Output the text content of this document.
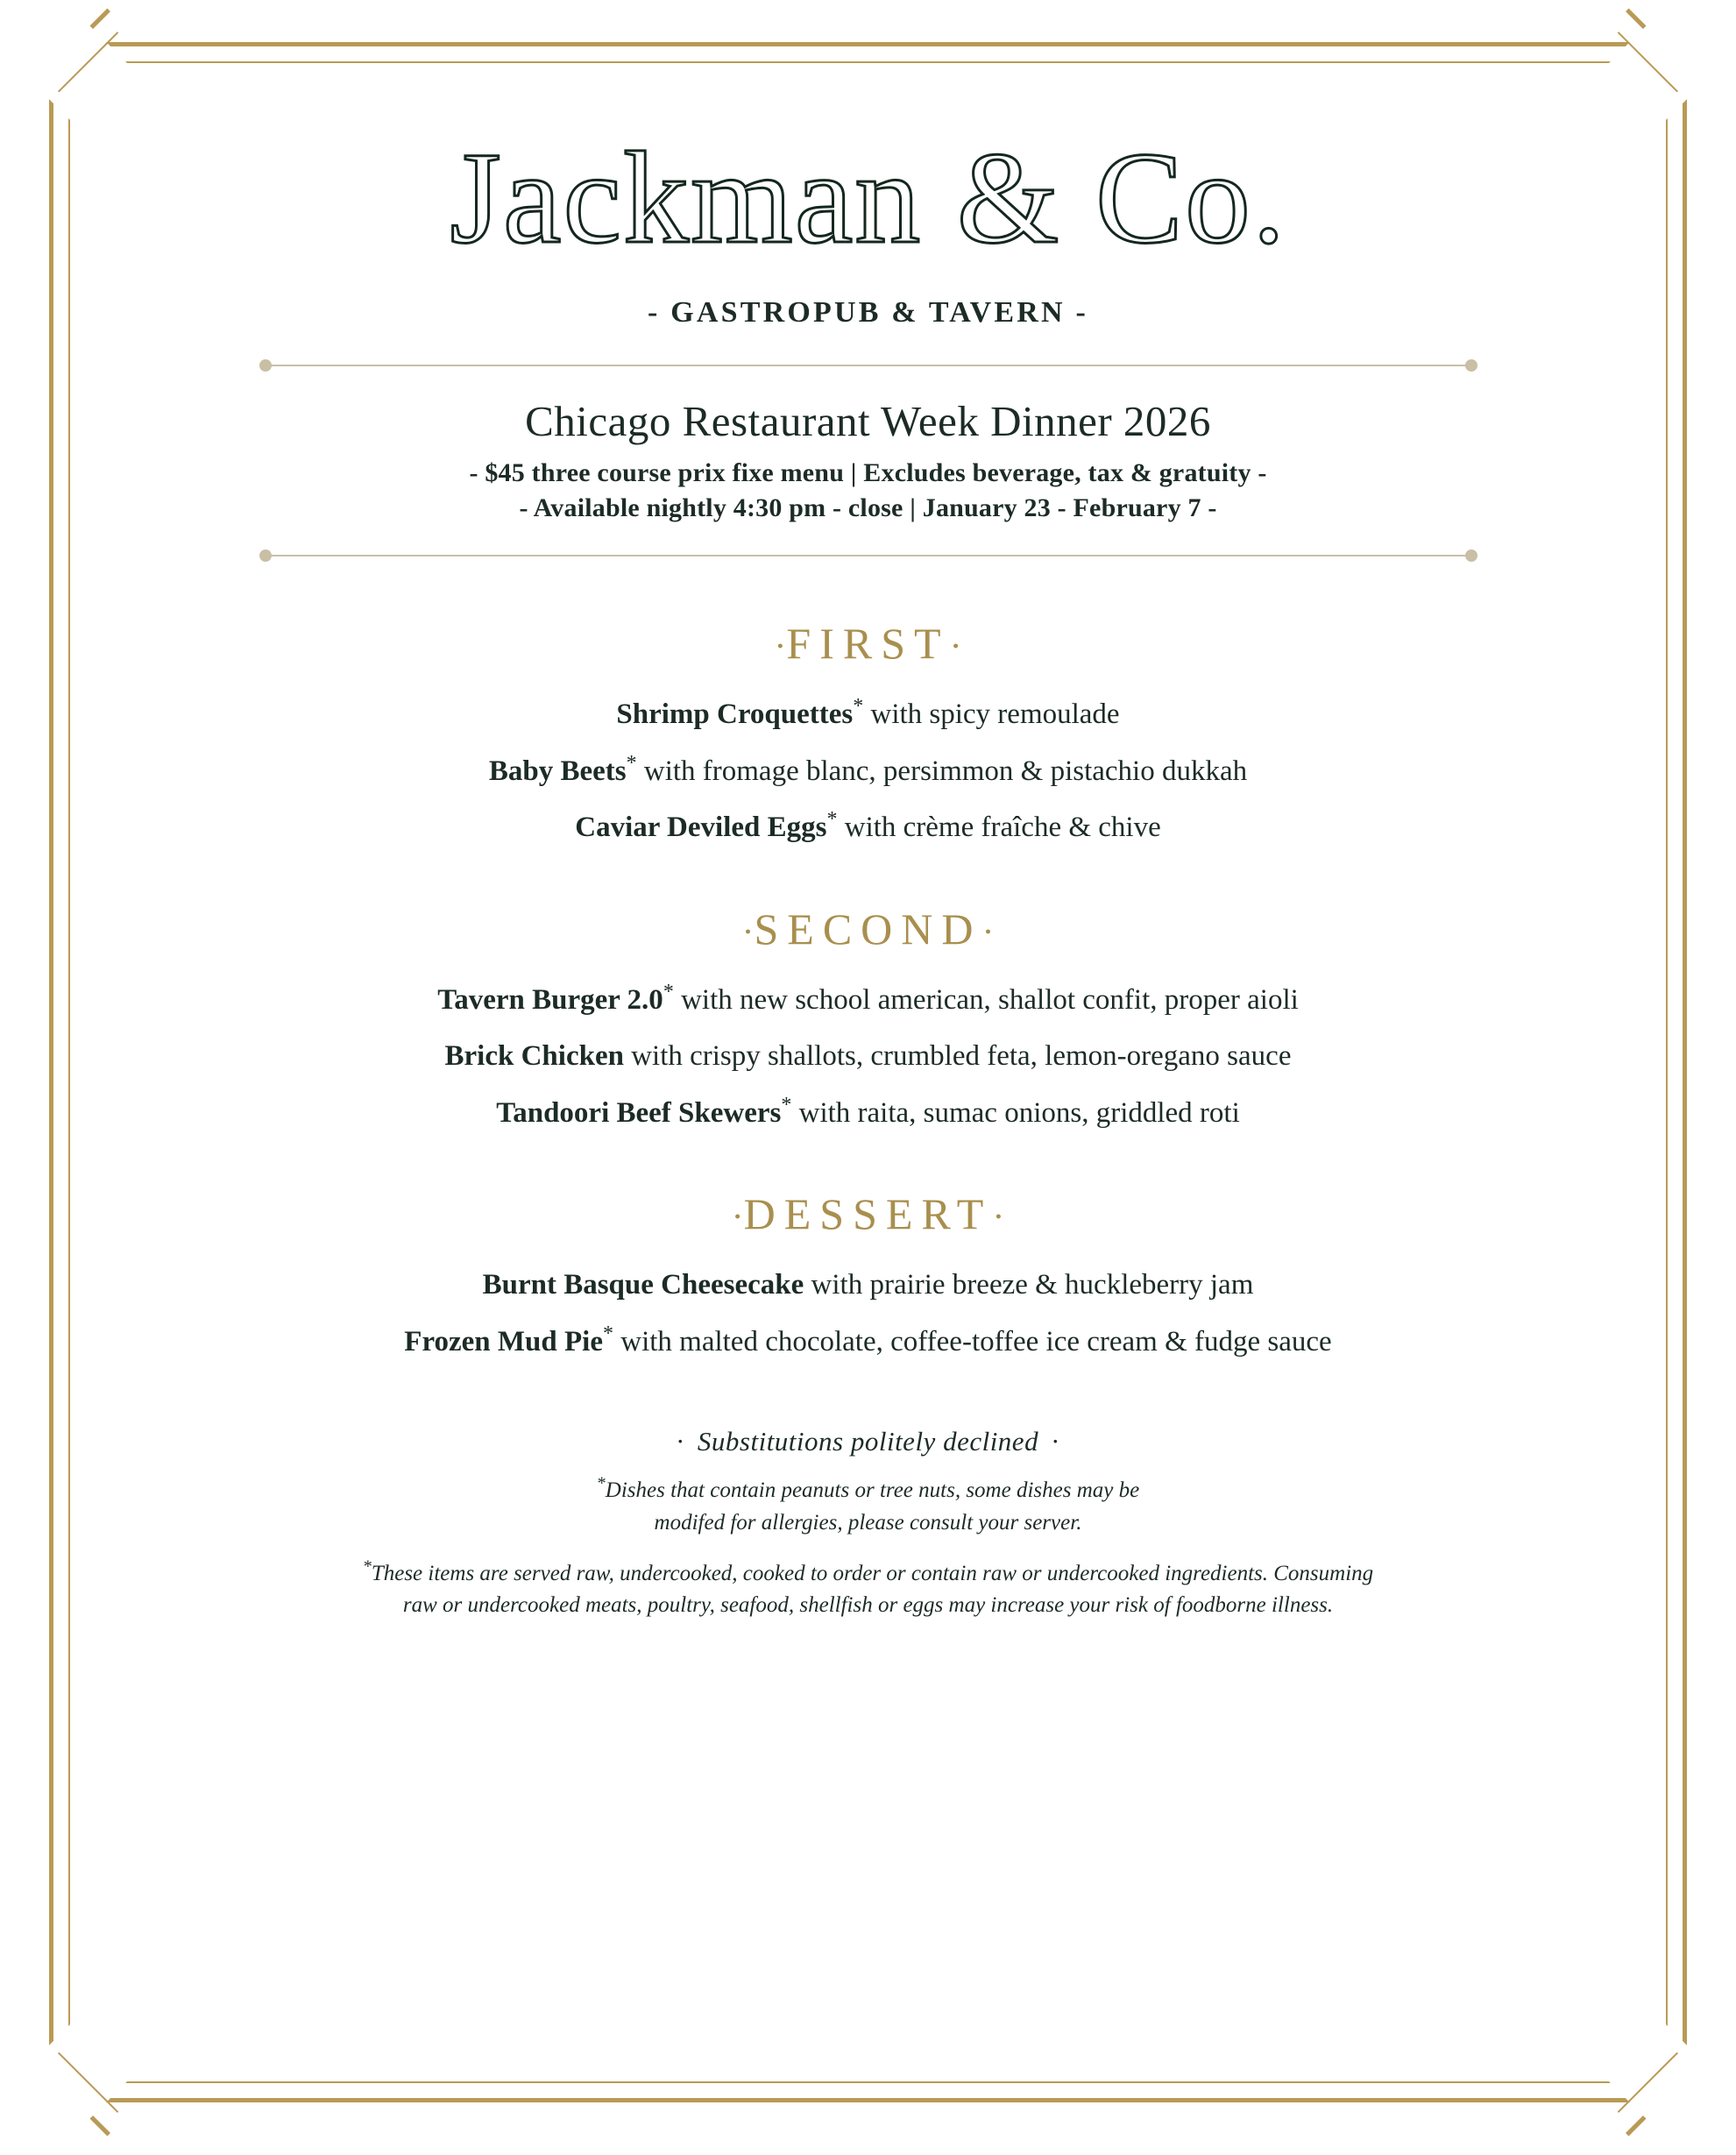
Jackman & Co.
- GASTROPUB & TAVERN -
Chicago Restaurant Week Dinner 2026
- $45 three course prix fixe menu | Excludes beverage, tax & gratuity -
- Available nightly 4:30 pm - close | January 23 - February 7 -
·FIRST·
Shrimp Croquettes* with spicy remoulade
Baby Beets* with fromage blanc, persimmon & pistachio dukkah
Caviar Deviled Eggs* with crème fraîche & chive
·SECOND·
Tavern Burger 2.0* with new school american, shallot confit, proper aioli
Brick Chicken with crispy shallots, crumbled feta, lemon-oregano sauce
Tandoori Beef Skewers* with raita, sumac onions, griddled roti
·DESSERT·
Burnt Basque Cheesecake with prairie breeze & huckleberry jam
Frozen Mud Pie* with malted chocolate, coffee-toffee ice cream & fudge sauce
· Substitutions politely declined ·
*Dishes that contain peanuts or tree nuts, some dishes may be
modifed for allergies, please consult your server.
*These items are served raw, undercooked, cooked to order or contain raw or undercooked ingredients. Consuming
raw or undercooked meats, poultry, seafood, shellfish or eggs may increase your risk of foodborne illness.
